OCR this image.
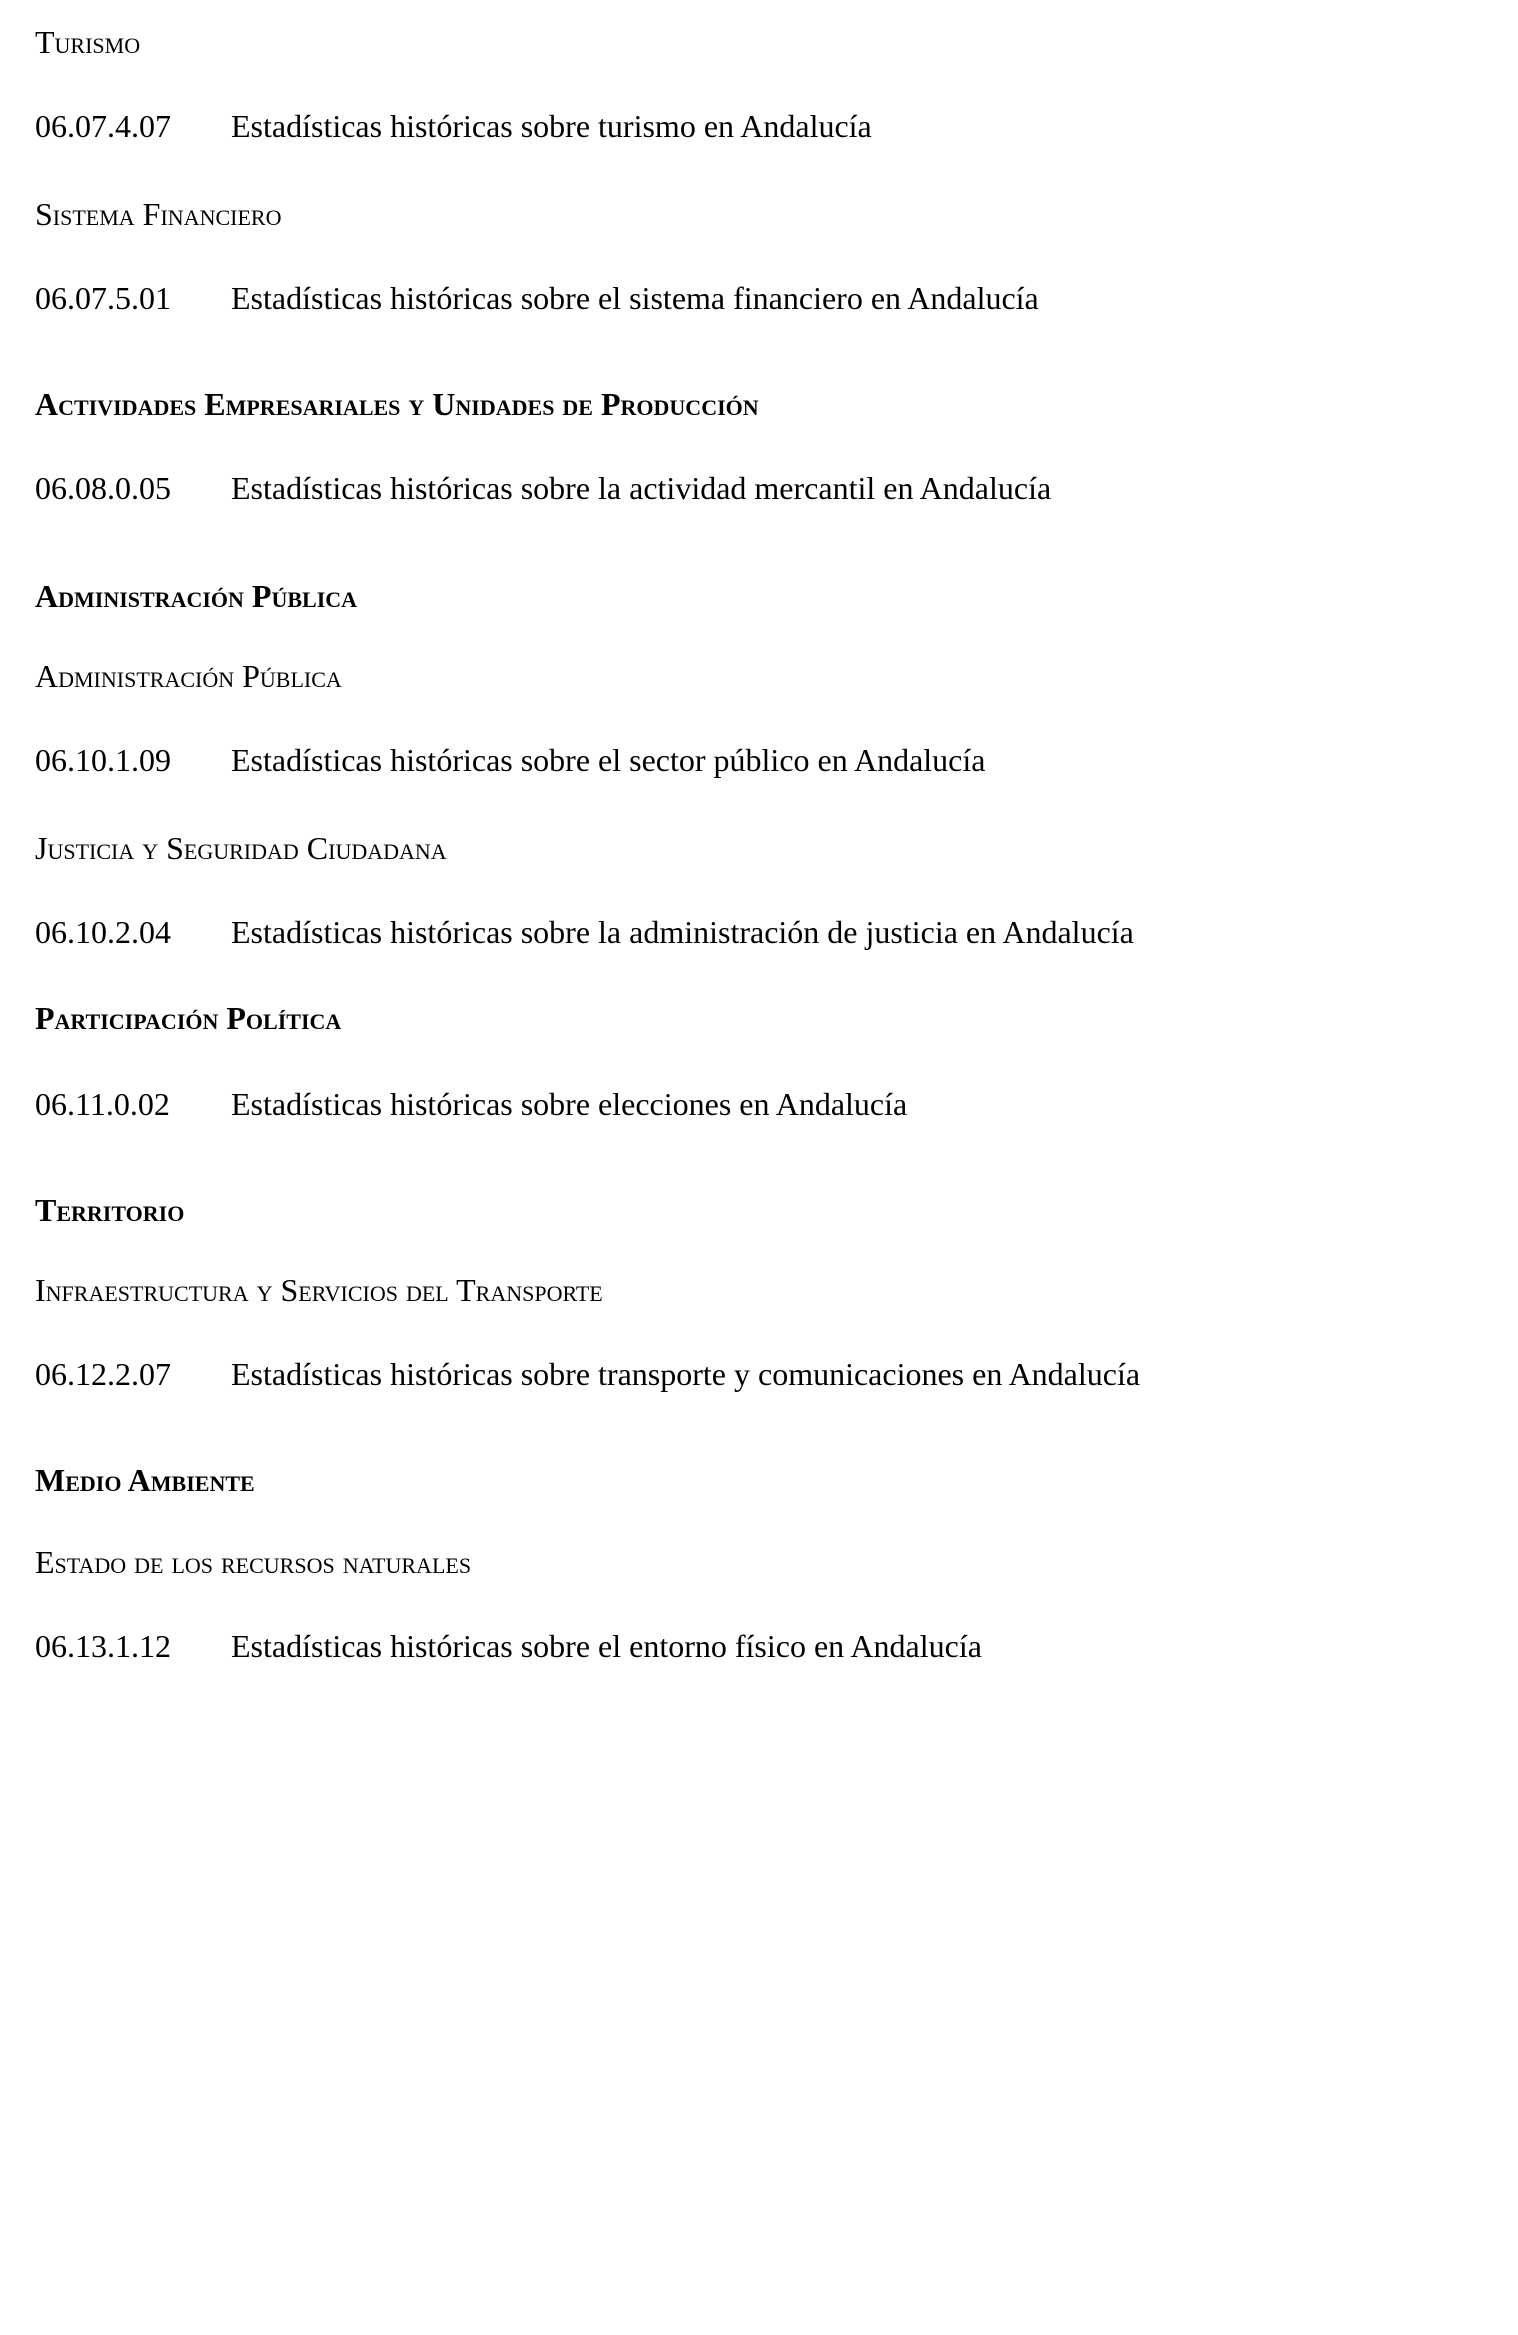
Turismo
06.07.4.07 Estadísticas históricas sobre turismo en Andalucía
Sistema Financiero
06.07.5.01 Estadísticas históricas sobre el sistema financiero en Andalucía
Actividades Empresariales y Unidades de Producción
06.08.0.05 Estadísticas históricas sobre la actividad mercantil en Andalucía
Administración Pública
Administración Pública
06.10.1.09 Estadísticas históricas sobre el sector público en Andalucía
Justicia y Seguridad Ciudadana
06.10.2.04 Estadísticas históricas sobre la administración de justicia en Andalucía
Participación Política
06.11.0.02 Estadísticas históricas sobre elecciones en Andalucía
Territorio
Infraestructura y Servicios del Transporte
06.12.2.07 Estadísticas históricas sobre transporte y comunicaciones en Andalucía
Medio Ambiente
Estado de los recursos naturales
06.13.1.12 Estadísticas históricas sobre el entorno físico en Andalucía
